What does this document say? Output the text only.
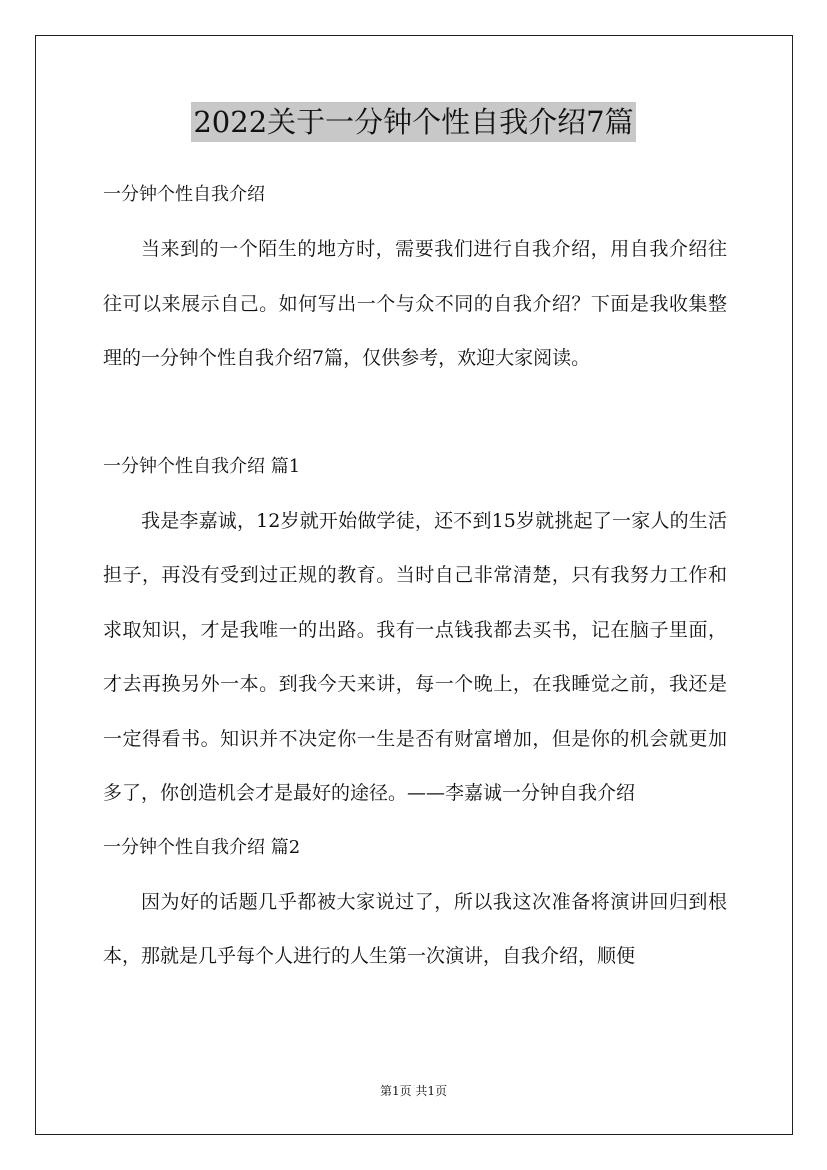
2022关于一分钟个性自我介绍7篇

一分钟个性自我介绍

当来到的一个陌生的地方时，需要我们进行自我介绍，用自我介绍往往可以来展示自己。如何写出一个与众不同的自我介绍？下面是我收集整理的一分钟个性自我介绍7篇，仅供参考，欢迎大家阅读。

一分钟个性自我介绍 篇1

我是李嘉诚，12岁就开始做学徒，还不到15岁就挑起了一家人的生活担子，再没有受到过正规的教育。当时自己非常清楚，只有我努力工作和求取知识，才是我唯一的出路。我有一点钱我都去买书，记在脑子里面，才去再换另外一本。到我今天来讲，每一个晚上，在我睡觉之前，我还是一定得看书。知识并不决定你一生是否有财富增加，但是你的机会就更加多了，你创造机会才是最好的途径。——李嘉诚一分钟自我介绍

一分钟个性自我介绍 篇2

因为好的话题几乎都被大家说过了，所以我这次准备将演讲回归到根本，那就是几乎每个人进行的人生第一次演讲，自我介绍，顺便

第1页 共1页
